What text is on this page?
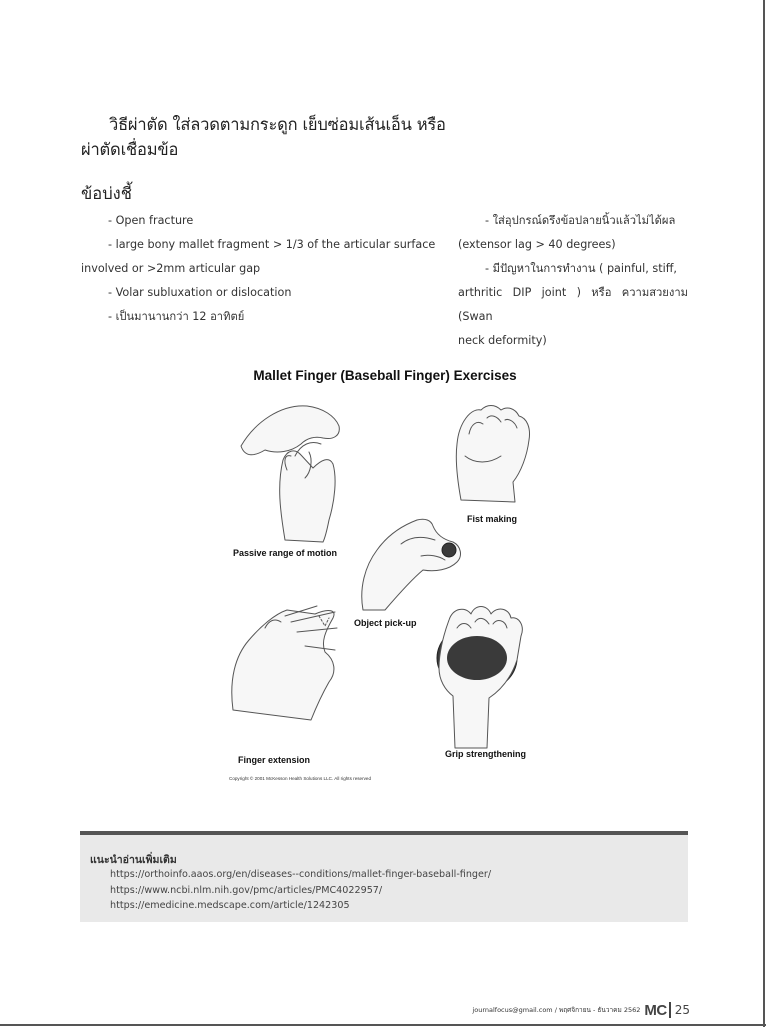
วิธีผ่าตัด ใส่ลวดตามกระดูก เย็บซ่อมเส้นเอ็น หรือ
ผ่าตัดเชื่อมข้อ
ข้อบ่งชี้

- Open fracture

- large bony mallet fragment > 1/3 of the articular surface

involved or >2mm articular gap

- Volar subluxation or dislocation

- เป็นมานานกว่า 12 อาทิตย์

- ใส่อุปกรณ์ดรึงข้อปลายนิ้วแล้วไม่ได้ผล

(extensor lag > 40 degrees)

- มีปัญหาในการทำงาน ( painful, stiff,

arthritic DIP joint ) หรือ ความสวยงาม (Swan

neck deformity)

Mallet Finger (Baseball Finger) Exercises
Passive range of motion
Fist making
Object pick-up
Finger extension
Grip strengthening
Copyright © 2001 McKesson Health Solutions LLC. All rights reserved
แนะนำอ่านเพิ่มเติม
https://orthoinfo.aaos.org/en/diseases--conditions/mallet-finger-baseball-finger/
https://www.ncbi.nlm.nih.gov/pmc/articles/PMC4022957/
https://emedicine.medscape.com/article/1242305
journalfocus@gmail.com / พฤศจิกายน - ธันวาคม 2562 MC 25
